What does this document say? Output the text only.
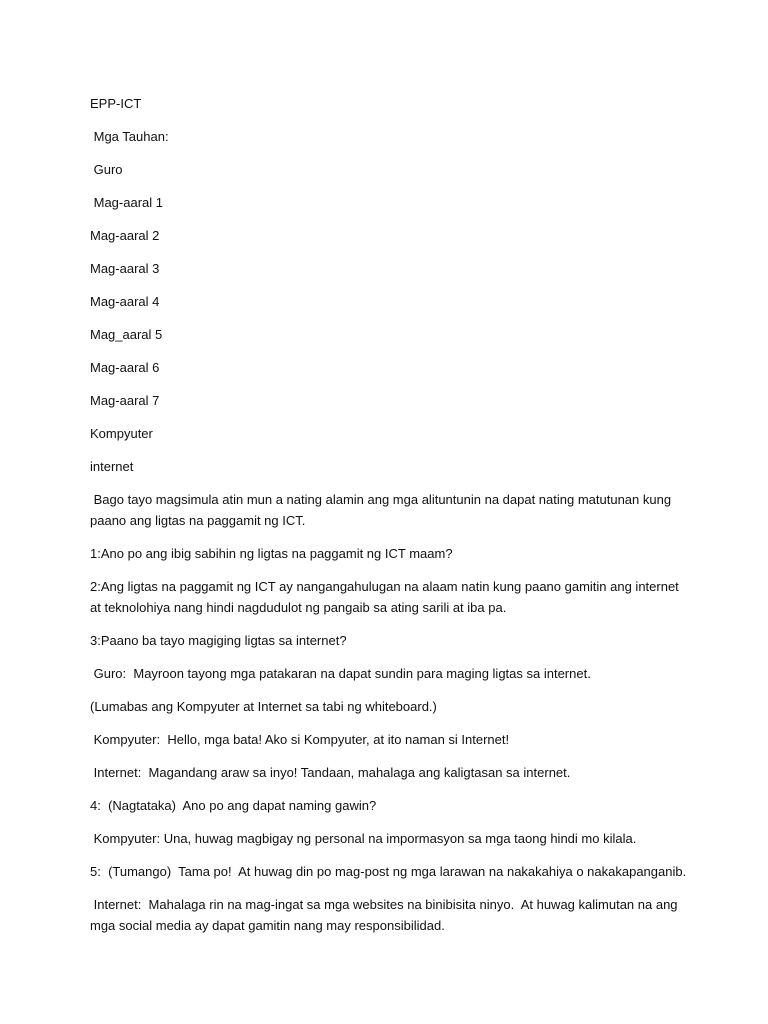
EPP-ICT

Mga Tauhan:

Guro

Mag-aaral 1

Mag-aaral 2

Mag-aaral 3

Mag-aaral 4

Mag_aaral 5

Mag-aaral 6

Mag-aaral 7

Kompyuter

internet

Bago tayo magsimula atin mun a nating alamin ang mga alituntunin na dapat nating matutunan kung paano ang ligtas na paggamit ng ICT.

1:Ano po ang ibig sabihin ng ligtas na paggamit ng ICT maam?

2:Ang ligtas na paggamit ng ICT ay nangangahulugan na alaam natin kung paano gamitin ang internet at teknolohiya nang hindi nagdudulot ng pangaib sa ating sarili at iba pa.

3:Paano ba tayo magiging ligtas sa internet?

Guro:  Mayroon tayong mga patakaran na dapat sundin para maging ligtas sa internet.

(Lumabas ang Kompyuter at Internet sa tabi ng whiteboard.)

Kompyuter:  Hello, mga bata! Ako si Kompyuter, at ito naman si Internet!

Internet:  Magandang araw sa inyo! Tandaan, mahalaga ang kaligtasan sa internet.

4:  (Nagtataka)  Ano po ang dapat naming gawin?

Kompyuter: Una, huwag magbigay ng personal na impormasyon sa mga taong hindi mo kilala.

5:  (Tumango)  Tama po!  At huwag din po mag-post ng mga larawan na nakakahiya o nakakapanganib.

Internet:  Mahalaga rin na mag-ingat sa mga websites na binibisita ninyo.  At huwag kalimutan na ang mga social media ay dapat gamitin nang may responsibilidad.
